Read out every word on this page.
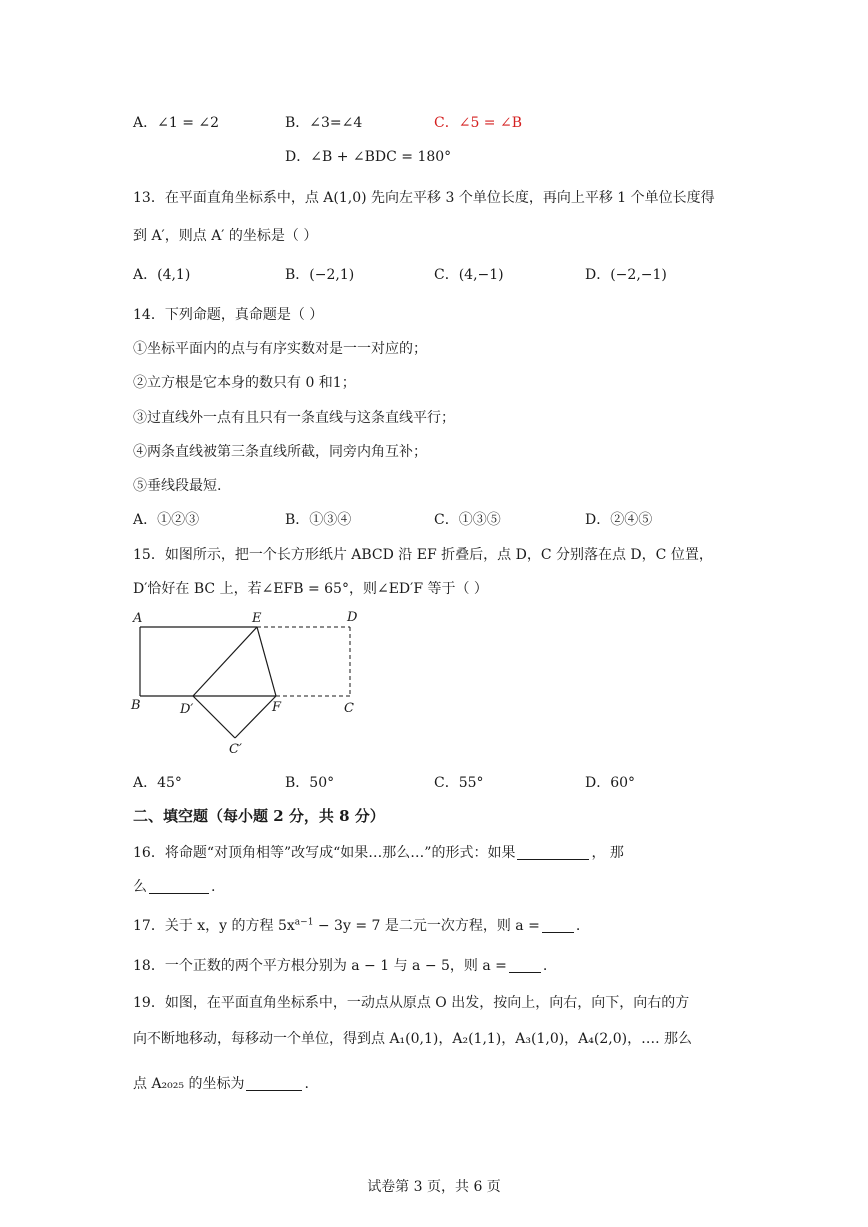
A．∠1 = ∠2	B．∠3=∠4	C．∠5 = ∠B
D．∠B + ∠BDC = 180°
13．在平面直角坐标系中，点 A(1,0) 先向左平移 3 个单位长度，再向上平移 1 个单位长度得
到 A′，则点 A′ 的坐标是（ ）
A．(4,1)	B．(−2,1)	C．(4,−1)	D．(−2,−1)
14．下列命题，真命题是（ ）
①坐标平面内的点与有序实数对是一一对应的；
②立方根是它本身的数只有 0 和1；
③过直线外一点有且只有一条直线与这条直线平行；
④两条直线被第三条直线所截，同旁内角互补；
⑤垂线段最短.
A．①②③	B．①③④	C．①③⑤	D．②④⑤
15．如图所示，把一个长方形纸片 ABCD 沿 EF 折叠后，点 D，C 分别落在点 D，C 位置，
D′恰好在 BC 上，若∠EFB = 65°，则∠ED′F 等于（ ）
A	E	D
B	D′	F	C
C′
A．45°	B．50°	C．55°	D．60°
二、填空题（每小题 2 分，共 8 分）
16．将命题“对顶角相等”改写成“如果…那么…”的形式：如果	， 那
么	.
17．关于 x，y 的方程 $5x^{a-1} - 3y = 7$ 是二元一次方程，则 a =	.
18．一个正数的两个平方根分别为 a − 1 与 a − 5，则 a =	.
19．如图，在平面直角坐标系中，一动点从原点 O 出发，按向上，向右，向下，向右的方
向不断地移动，每移动一个单位，得到点 A₁(0,1)，A₂(1,1)，A₃(1,0)，A₄(2,0)，…. 那么
点 A₂₀₂₅ 的坐标为	.
试卷第 3 页，共 6 页
